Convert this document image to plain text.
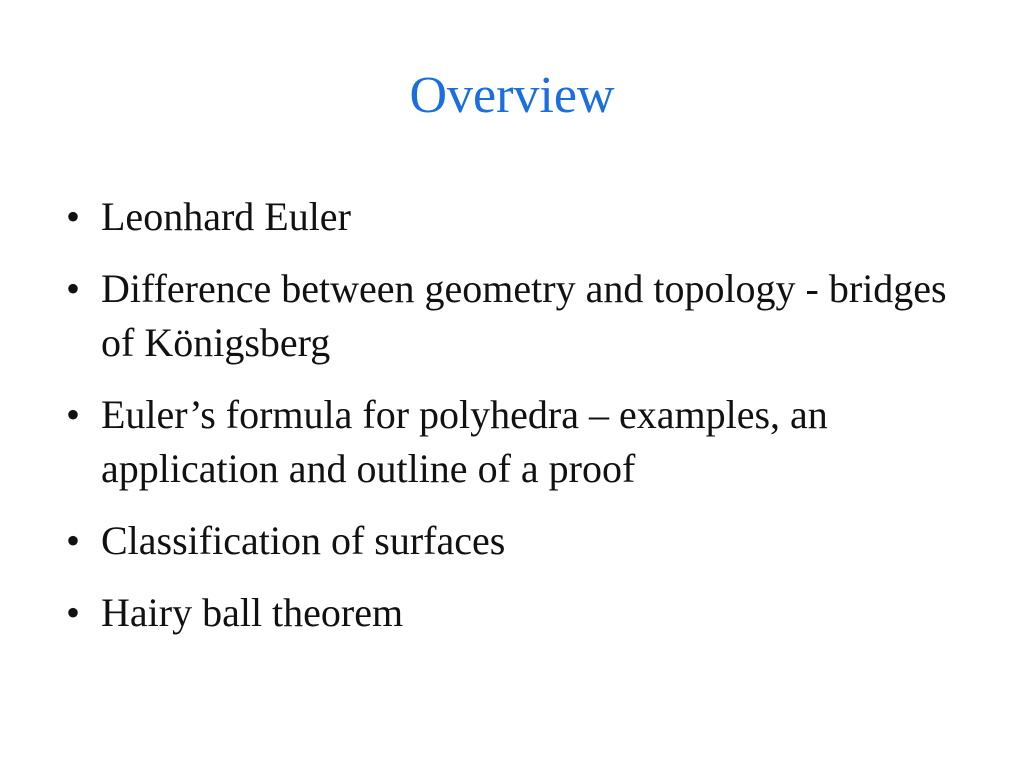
Overview
• Leonhard Euler
• Difference between geometry and topology - bridges of Königsberg
• Euler’s formula for polyhedra – examples, an application and outline of a proof
• Classification of surfaces
• Hairy ball theorem
